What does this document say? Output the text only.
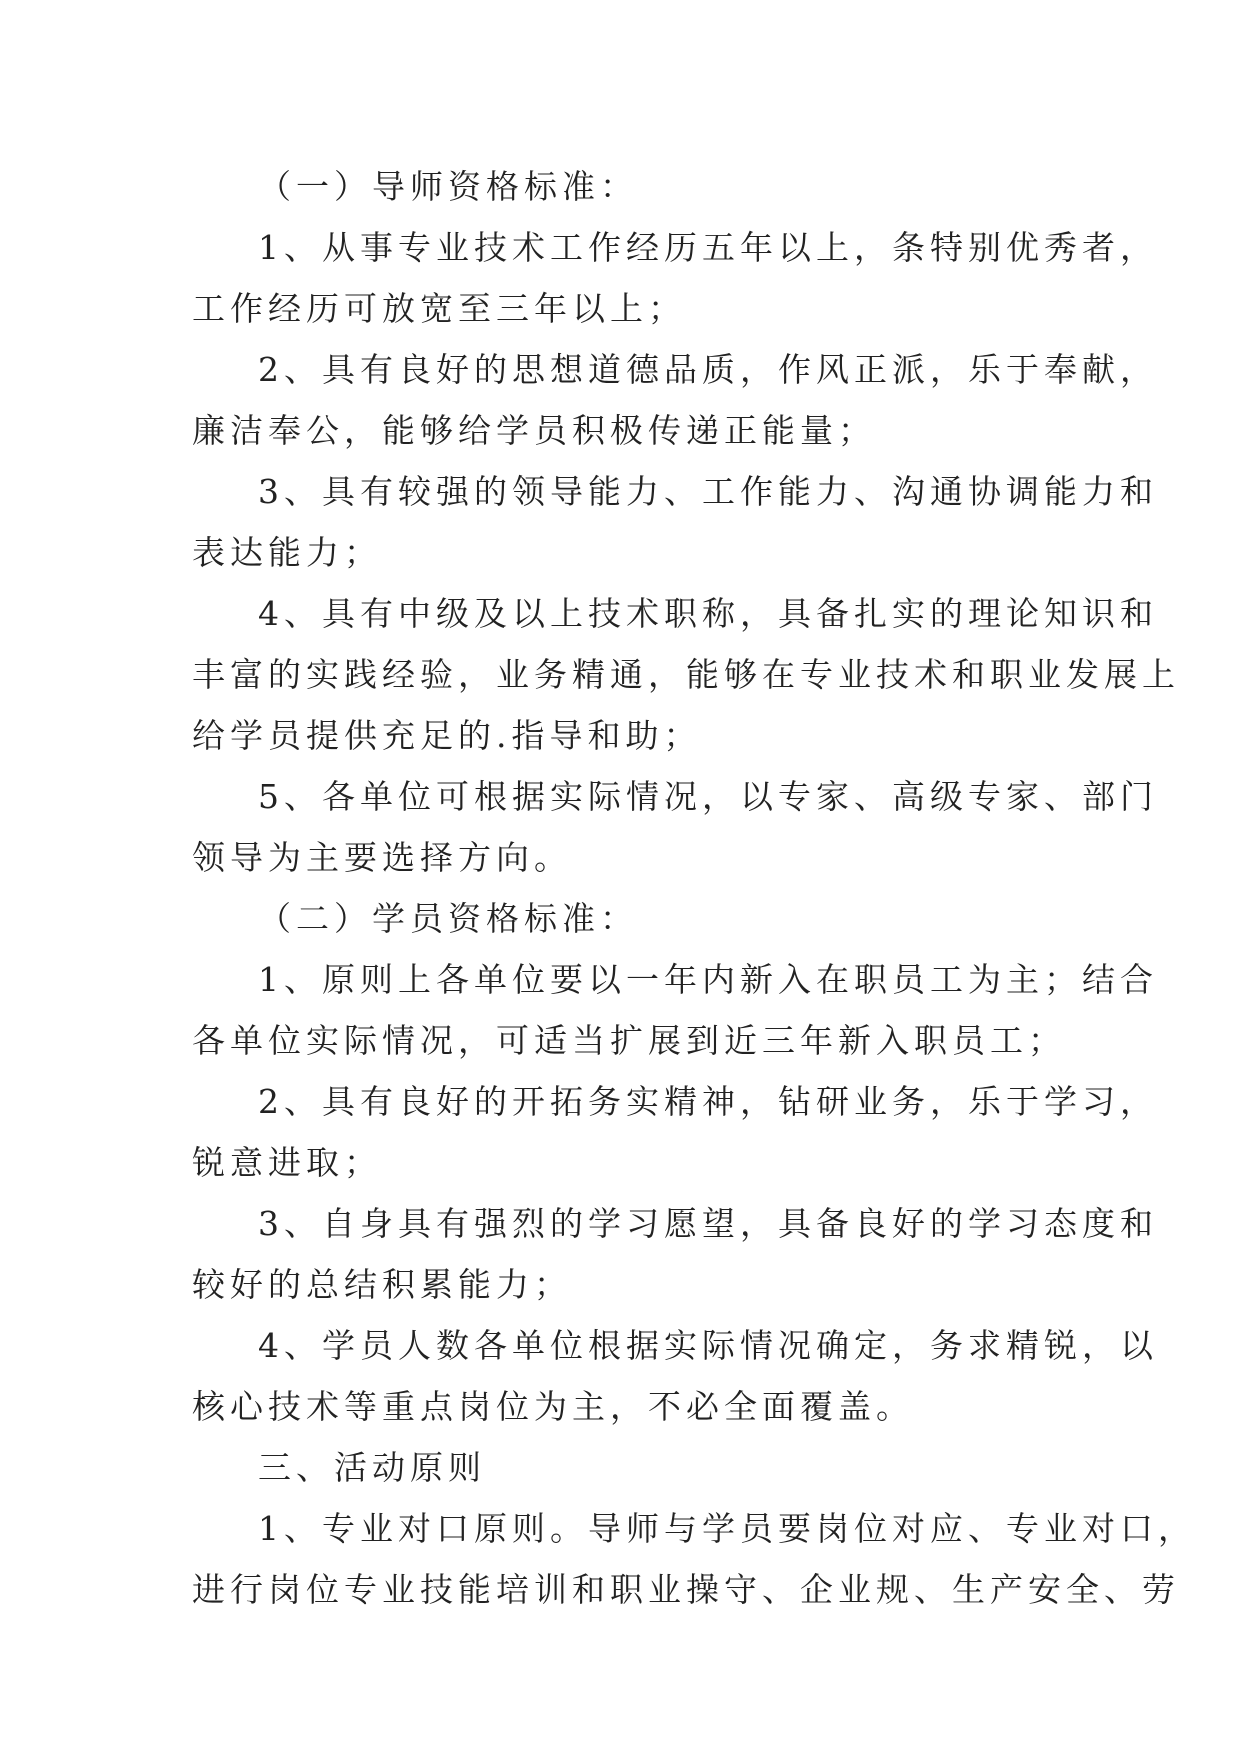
（一）导师资格标准：

1、从事专业技术工作经历五年以上，条特别优秀者，

工作经历可放宽至三年以上；

2、具有良好的思想道德品质，作风正派，乐于奉献，

廉洁奉公，能够给学员积极传递正能量；

3、具有较强的领导能力、工作能力、沟通协调能力和

表达能力；

4、具有中级及以上技术职称，具备扎实的理论知识和

丰富的实践经验，业务精通，能够在专业技术和职业发展上

给学员提供充足的.指导和助；

5、各单位可根据实际情况，以专家、高级专家、部门

领导为主要选择方向。

（二）学员资格标准：

1、原则上各单位要以一年内新入在职员工为主；结合

各单位实际情况，可适当扩展到近三年新入职员工；

2、具有良好的开拓务实精神，钻研业务，乐于学习，

锐意进取；

3、自身具有强烈的学习愿望，具备良好的学习态度和

较好的总结积累能力；

4、学员人数各单位根据实际情况确定，务求精锐，以

核心技术等重点岗位为主，不必全面覆盖。

三、活动原则

1、专业对口原则。导师与学员要岗位对应、专业对口，

进行岗位专业技能培训和职业操守、企业规、生产安全、劳
